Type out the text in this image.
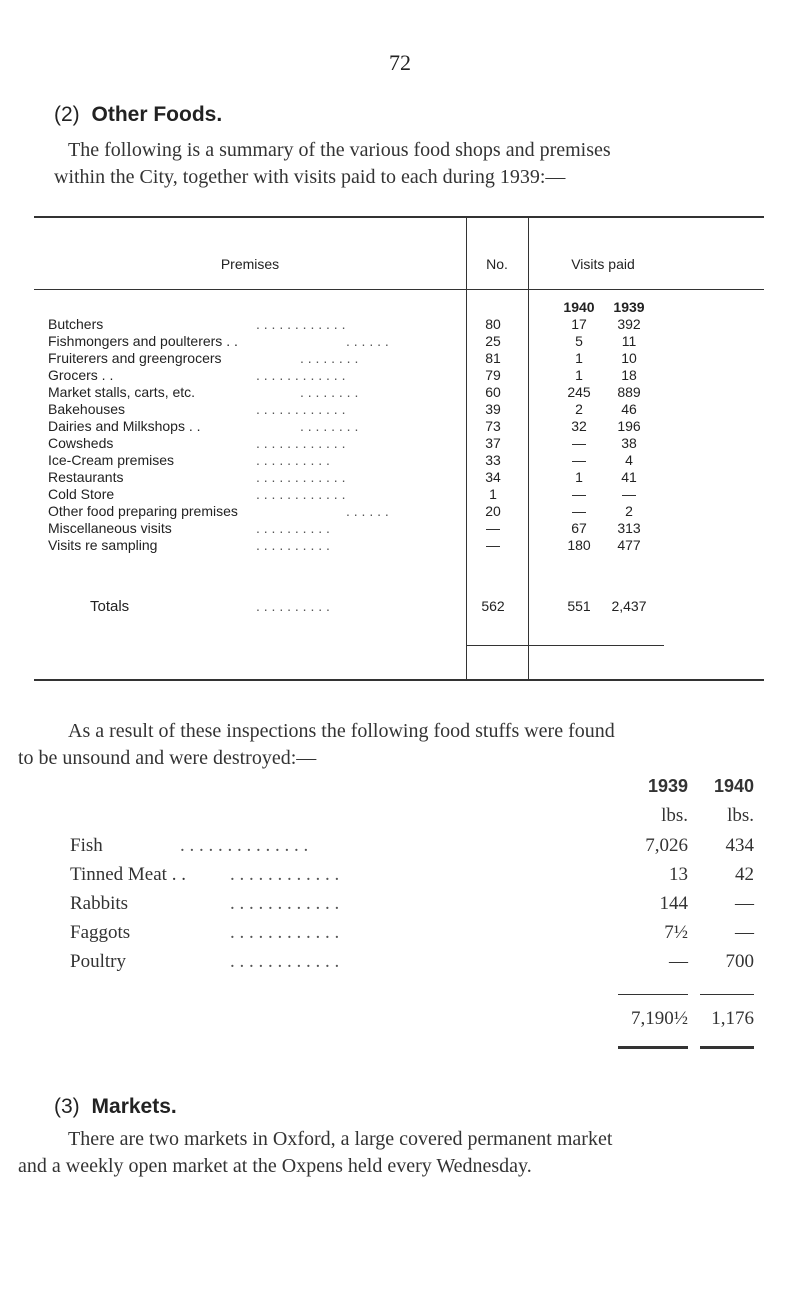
72
(2) Other Foods.
The following is a summary of the various food shops and premises
within the City, together with visits paid to each during 1939:—
Premises	No.	Visits paid
1940	1939
Butchers	. . . . . . . . . . . .	80	17	392
Fishmongers and poulterers . .	. . . . . .	25	5	11
Fruiterers and greengrocers	. . . . . . . .	81	1	10
Grocers . .	. . . . . . . . . . . .	79	1	18
Market stalls, carts, etc.	. . . . . . . .	60	245	889
Bakehouses	. . . . . . . . . . . .	39	2	46
Dairies and Milkshops . .	. . . . . . . .	73	32	196
Cowsheds	. . . . . . . . . . . .	37	—	38
Ice-Cream premises	. . . . . . . . . .	33	—	4
Restaurants	. . . . . . . . . . . .	34	1	41
Cold Store	. . . . . . . . . . . .	1	—	—
Other food preparing premises	. . . . . .	20	—	2
Miscellaneous visits	. . . . . . . . . .	—	67	313
Visits re sampling	. . . . . . . . . .	—	180	477
Totals	. . . . . . . . . .	562	551	2,437
As a result of these inspections the following food stuffs were found
to be unsound and were destroyed:—
1939	1940
lbs.	lbs.
Fish	. . . . . . . . . . . . . .	7,026	434
Tinned Meat . . . . . . . . . . . . . .	13	42
Rabbits	. . . . . . . . . . . .	144	—
Faggots	. . . . . . . . . . . .	7½	—
Poultry	. . . . . . . . . . . .	—	700
7,190½	1,176
(3) Markets.
There are two markets in Oxford, a large covered permanent market
and a weekly open market at the Oxpens held every Wednesday.
